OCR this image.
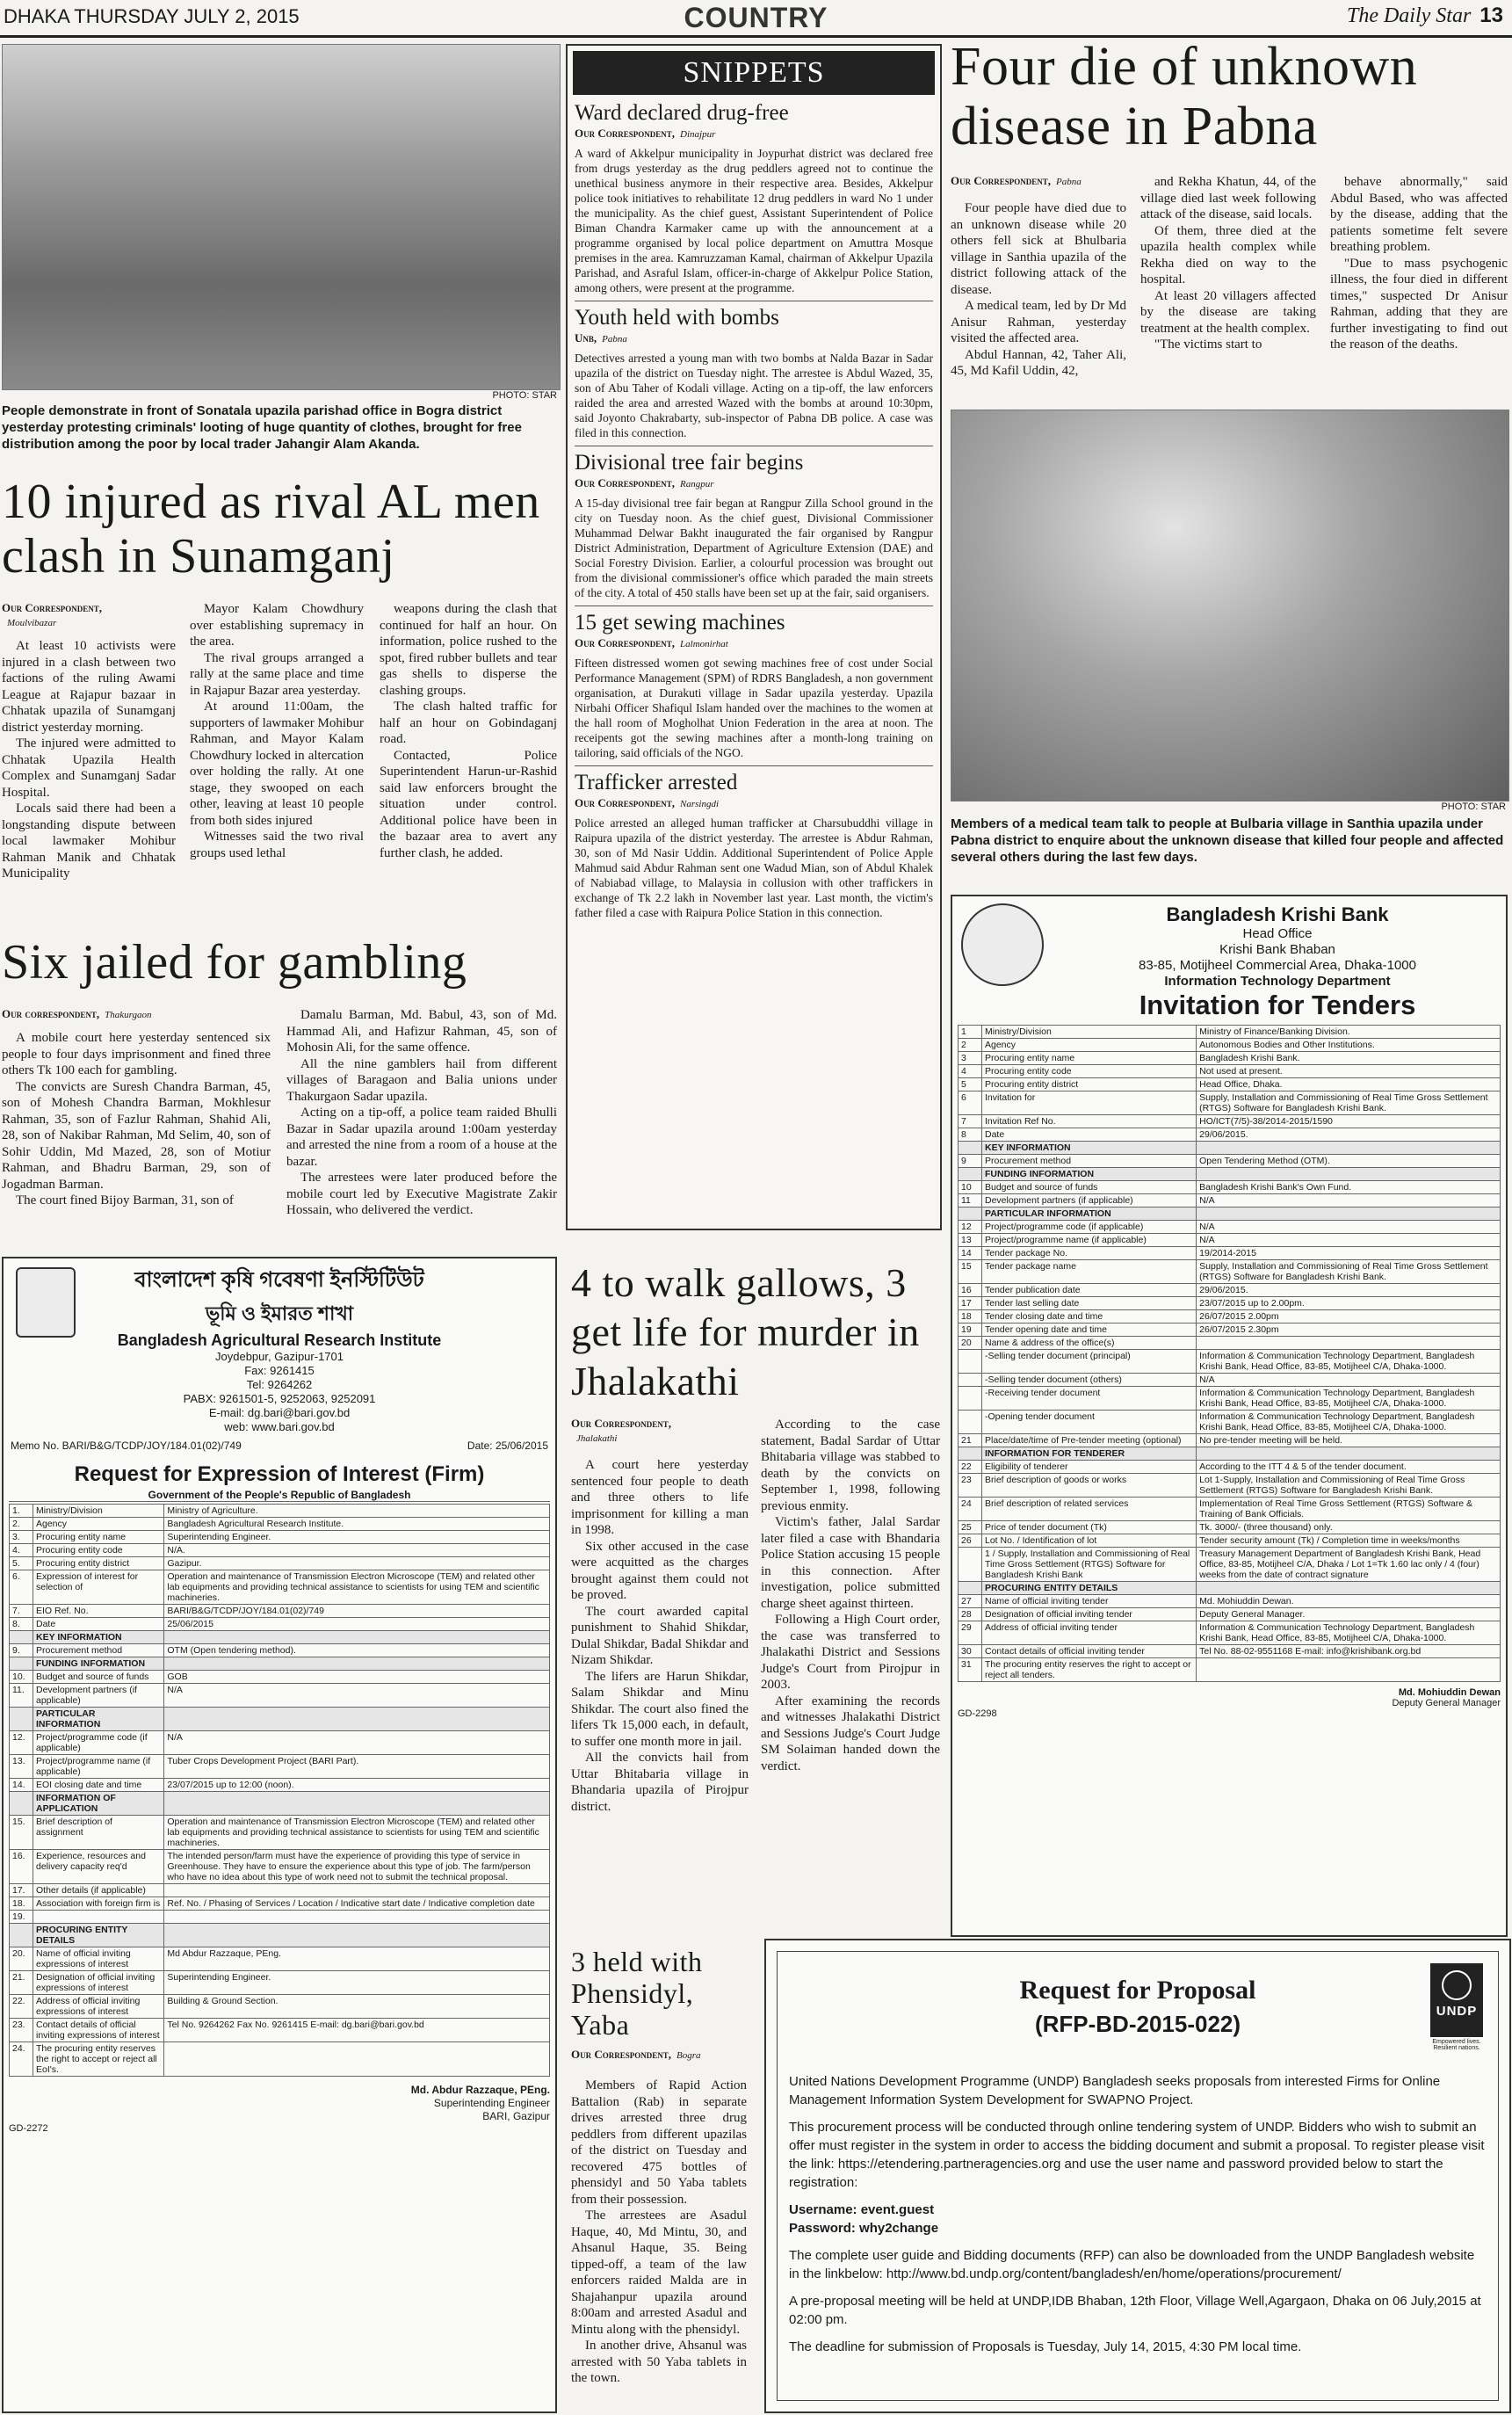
DHAKA THURSDAY JULY 2, 2015	COUNTRY	The Daily Star 13
PHOTO: STAR
People demonstrate in front of Sonatala upazila parishad office in Bogra district yesterday protesting criminals' looting of huge quantity of clothes, brought for free distribution among the poor by local trader Jahangir Alam Akanda.
10 injured as rival AL men clash in Sunamganj
Our Correspondent,
Moulvibazar

At least 10 activists were injured in a clash between two factions of the ruling Awami League at Rajapur bazaar in Chhatak upazila of Sunamganj district yesterday morning.

The injured were admitted to Chhatak Upazila Health Complex and Sunamganj Sadar Hospital.

Locals said there had been a longstanding dispute between local lawmaker Mohibur Rahman Manik and Chhatak Municipality

Mayor Kalam Chowdhury over establishing supremacy in the area.

The rival groups arranged a rally at the same place and time in Rajapur Bazar area yesterday.

At around 11:00am, the supporters of lawmaker Mohibur Rahman, and Mayor Kalam Chowdhury locked in altercation over holding the rally. At one stage, they swooped on each other, leaving at least 10 people from both sides injured

Witnesses said the two rival groups used lethal

weapons during the clash that continued for half an hour. On information, police rushed to the spot, fired rubber bullets and tear gas shells to disperse the clashing groups.

The clash halted traffic for half an hour on Gobindaganj road.

Contacted, Police Superintendent Harun-ur-Rashid said law enforcers brought the situation under control. Additional police have been in the bazaar area to avert any further clash, he added.

Six jailed for gambling
Our correspondent, Thakurgaon

A mobile court here yesterday sentenced six people to four days imprisonment and fined three others Tk 100 each for gambling.

The convicts are Suresh Chandra Barman, 45, son of Mohesh Chandra Barman, Mokhlesur Rahman, 35, son of Fazlur Rahman, Shahid Ali, 28, son of Nakibar Rahman, Md Selim, 40, son of Sohir Uddin, Md Mazed, 28, son of Motiur Rahman, and Bhadru Barman, 29, son of Jogadman Barman.

The court fined Bijoy Barman, 31, son of

Damalu Barman, Md. Babul, 43, son of Md. Hammad Ali, and Hafizur Rahman, 45, son of Mohosin Ali, for the same offence.

All the nine gamblers hail from different villages of Baragaon and Balia unions under Thakurgaon Sadar upazila.

Acting on a tip-off, a police team raided Bhulli Bazar in Sadar upazila around 1:00am yesterday and arrested the nine from a room of a house at the bazar.

The arrestees were later produced before the mobile court led by Executive Magistrate Zakir Hossain, who delivered the verdict.

SNIPPETS
Ward declared drug-free
Our Correspondent, Dinajpur
A ward of Akkelpur municipality in Joypurhat district was declared free from drugs yesterday as the drug peddlers agreed not to continue the unethical business anymore in their respective area. Besides, Akkelpur police took initiatives to rehabilitate 12 drug peddlers in ward No 1 under the municipality. As the chief guest, Assistant Superintendent of Police Biman Chandra Karmaker came up with the announcement at a programme organised by local police department on Amuttra Mosque premises in the area. Kamruzzaman Kamal, chairman of Akkelpur Upazila Parishad, and Asraful Islam, officer-in-charge of Akkelpur Police Station, among others, were present at the programme.
Youth held with bombs
Unb, Pabna
Detectives arrested a young man with two bombs at Nalda Bazar in Sadar upazila of the district on Tuesday night. The arrestee is Abdul Wazed, 35, son of Abu Taher of Kodali village. Acting on a tip-off, the law enforcers raided the area and arrested Wazed with the bombs at around 10:30pm, said Joyonto Chakrabarty, sub-inspector of Pabna DB police. A case was filed in this connection.
Divisional tree fair begins
Our Correspondent, Rangpur
A 15-day divisional tree fair began at Rangpur Zilla School ground in the city on Tuesday noon. As the chief guest, Divisional Commissioner Muhammad Delwar Bakht inaugurated the fair organised by Rangpur District Administration, Department of Agriculture Extension (DAE) and Social Forestry Division. Earlier, a colourful procession was brought out from the divisional commissioner's office which paraded the main streets of the city. A total of 450 stalls have been set up at the fair, said organisers.
15 get sewing machines
Our Correspondent, Lalmonirhat
Fifteen distressed women got sewing machines free of cost under Social Performance Management (SPM) of RDRS Bangladesh, a non government organisation, at Durakuti village in Sadar upazila yesterday. Upazila Nirbahi Officer Shafiqul Islam handed over the machines to the women at the hall room of Mogholhat Union Federation in the area at noon. The receipents got the sewing machines after a month-long training on tailoring, said officials of the NGO.
Trafficker arrested
Our Correspondent, Narsingdi
Police arrested an alleged human trafficker at Charsubuddhi village in Raipura upazila of the district yesterday. The arrestee is Abdur Rahman, 30, son of Md Nasir Uddin. Additional Superintendent of Police Apple Mahmud said Abdur Rahman sent one Wadud Mian, son of Abdul Khalek of Nabiabad village, to Malaysia in collusion with other traffickers in exchange of Tk 2.2 lakh in November last year. Last month, the victim's father filed a case with Raipura Police Station in this connection.
Four die of unknown disease in Pabna
Our Correspondent, Pabna

Four people have died due to an unknown disease while 20 others fell sick at Bhulbaria village in Santhia upazila of the district following attack of the disease.

A medical team, led by Dr Md Anisur Rahman, yesterday visited the affected area.

Abdul Hannan, 42, Taher Ali, 45, Md Kafil Uddin, 42,

and Rekha Khatun, 44, of the village died last week following attack of the disease, said locals.

Of them, three died at the upazila health complex while Rekha died on way to the hospital.

At least 20 villagers affected by the disease are taking treatment at the health complex.

"The victims start to

behave abnormally," said Abdul Based, who was affected by the disease, adding that the patients sometime felt severe breathing problem.

"Due to mass psychogenic illness, the four died in different times," suspected Dr Anisur Rahman, adding that they are further investigating to find out the reason of the deaths.

PHOTO: STAR
Members of a medical team talk to people at Bulbaria village in Santhia upazila under Pabna district to enquire about the unknown disease that killed four people and affected several others during the last few days.
Bangladesh Krishi Bank
Head Office
Krishi Bank Bhaban
83-85, Motijheel Commercial Area, Dhaka-1000
Information Technology Department
Invitation for Tenders
1	Ministry/Division	Ministry of Finance/Banking Division.
2	Agency	Autonomous Bodies and Other Institutions.
3	Procuring entity name	Bangladesh Krishi Bank.
4	Procuring entity code	Not used at present.
5	Procuring entity district	Head Office, Dhaka.
6	Invitation for	Supply, Installation and Commissioning of Real Time Gross Settlement (RTGS) Software for Bangladesh Krishi Bank.
7	Invitation Ref No.	HO/ICT(7/5)-38/2014-2015/1590
8	Date	29/06/2015.
	KEY INFORMATION	
9	Procurement method	Open Tendering Method (OTM).
	FUNDING INFORMATION	
10	Budget and source of funds	Bangladesh Krishi Bank's Own Fund.
11	Development partners (if applicable)	N/A
	PARTICULAR INFORMATION	
12	Project/programme code (if applicable)	N/A
13	Project/programme name (if applicable)	N/A
14	Tender package No.	19/2014-2015
15	Tender package name	Supply, Installation and Commissioning of Real Time Gross Settlement (RTGS) Software for Bangladesh Krishi Bank.
16	Tender publication date	29/06/2015.
17	Tender last selling date	23/07/2015 up to 2.00pm.
18	Tender closing date and time	26/07/2015 2.00pm
19	Tender opening date and time	26/07/2015 2.30pm
20	Name & address of the office(s)	
	-Selling tender document (principal)	Information & Communication Technology Department, Bangladesh Krishi Bank, Head Office, 83-85, Motijheel C/A, Dhaka-1000.
	-Selling tender document (others)	N/A
	-Receiving tender document	Information & Communication Technology Department, Bangladesh Krishi Bank, Head Office, 83-85, Motijheel C/A, Dhaka-1000.
	-Opening tender document	Information & Communication Technology Department, Bangladesh Krishi Bank, Head Office, 83-85, Motijheel C/A, Dhaka-1000.
21	Place/date/time of Pre-tender meeting (optional)	No pre-tender meeting will be held.
	INFORMATION FOR TENDERER	
22	Eligibility of tenderer	According to the ITT 4 & 5 of the tender document.
23	Brief description of goods or works	Lot 1-Supply, Installation and Commissioning of Real Time Gross Settlement (RTGS) Software for Bangladesh Krishi Bank.
24	Brief description of related services	Implementation of Real Time Gross Settlement (RTGS) Software & Training of Bank Officials.
25	Price of tender document (Tk)	Tk. 3000/- (three thousand) only.
26	Lot No. / Identification of lot	Tender security amount (Tk) / Completion time in weeks/months
	1 / Supply, Installation and Commissioning of Real Time Gross Settlement (RTGS) Software for Bangladesh Krishi Bank	Treasury Management Department of Bangladesh Krishi Bank, Head Office, 83-85, Motijheel C/A, Dhaka / Lot 1=Tk 1.60 lac only / 4 (four) weeks from the date of contract signature
	PROCURING ENTITY DETAILS	
27	Name of official inviting tender	Md. Mohiuddin Dewan.
28	Designation of official inviting tender	Deputy General Manager.
29	Address of official inviting tender	Information & Communication Technology Department, Bangladesh Krishi Bank, Head Office, 83-85, Motijheel C/A, Dhaka-1000.
30	Contact details of official inviting tender	Tel No. 88-02-9551168 E-mail: info@krishibank.org.bd
31	The procuring entity reserves the right to accept or reject all tenders.	
Md. Mohiuddin Dewan
Deputy General Manager
GD-2298
4 to walk gallows, 3 get life for murder in Jhalakathi
Our Correspondent,
Jhalakathi

A court here yesterday sentenced four people to death and three others to life imprisonment for killing a man in 1998.

Six other accused in the case were acquitted as the charges brought against them could not be proved.

The court awarded capital punishment to Shahid Shikdar, Dulal Shikdar, Badal Shikdar and Nizam Shikdar.

The lifers are Harun Shikdar, Salam Shikdar and Minu Shikdar. The court also fined the lifers Tk 15,000 each, in default, to suffer one month more in jail.

All the convicts hail from Uttar Bhitabaria village in Bhandaria upazila of Pirojpur district.

According to the case statement, Badal Sardar of Uttar Bhitabaria village was stabbed to death by the convicts on September 1, 1998, following previous enmity.

Victim's father, Jalal Sardar later filed a case with Bhandaria Police Station accusing 15 people in this connection. After investigation, police submitted charge sheet against thirteen.

Following a High Court order, the case was transferred to Jhalakathi District and Sessions Judge's Court from Pirojpur in 2003.

After examining the records and witnesses Jhalakathi District and Sessions Judge's Court Judge SM Solaiman handed down the verdict.

3 held with Phensidyl, Yaba
Our Correspondent, Bogra

Members of Rapid Action Battalion (Rab) in separate drives arrested three drug peddlers from different upazilas of the district on Tuesday and recovered 475 bottles of phensidyl and 50 Yaba tablets from their possession.

The arrestees are Asadul Haque, 40, Md Mintu, 30, and Ahsanul Haque, 35. Being tipped-off, a team of the law enforcers raided Malda are in Shajahanpur upazila around 8:00am and arrested Asadul and Mintu along with the phensidyl.

In another drive, Ahsanul was arrested with 50 Yaba tablets in the town.

বাংলাদেশ কৃষি গবেষণা ইনস্টিটিউট
ভূমি ও ইমারত শাখা
Bangladesh Agricultural Research Institute
Joydebpur, Gazipur-1701
Fax: 9261415
Tel: 9264262
PABX: 9261501-5, 9252063, 9252091
E-mail: dg.bari@bari.gov.bd
web: www.bari.gov.bd
Memo No. BARI/B&G/TCDP/JOY/184.01(02)/749	Date: 25/06/2015
Request for Expression of Interest (Firm)
Government of the People's Republic of Bangladesh
1.	Ministry/Division	Ministry of Agriculture.
2.	Agency	Bangladesh Agricultural Research Institute.
3.	Procuring entity name	Superintending Engineer.
4.	Procuring entity code	N/A.
5.	Procuring entity district	Gazipur.
6.	Expression of interest for selection of	Operation and maintenance of Transmission Electron Microscope (TEM) and related other lab equipments and providing technical assistance to scientists for using TEM and scientific machineries.
7.	EIO Ref. No.	BARI/B&G/TCDP/JOY/184.01(02)/749
8.	Date	25/06/2015
	KEY INFORMATION	
9.	Procurement method	OTM (Open tendering method).
	FUNDING INFORMATION	
10.	Budget and source of funds	GOB
11.	Development partners (if applicable)	N/A
	PARTICULAR INFORMATION	
12.	Project/programme code (if applicable)	N/A
13.	Project/programme name (if applicable)	Tuber Crops Development Project (BARI Part).
14.	EOI closing date and time	23/07/2015 up to 12:00 (noon).
	INFORMATION OF APPLICATION	
15.	Brief description of assignment	Operation and maintenance of Transmission Electron Microscope (TEM) and related other lab equipments and providing technical assistance to scientists for using TEM and scientific machineries.
16.	Experience, resources and delivery capacity req'd	The intended person/farm must have the experience of providing this type of service in Greenhouse. They have to ensure the experience about this type of job. The farm/person who have no idea about this type of work need not to submit the technical proposal.
17.	Other details (if applicable)	
18.	Association with foreign firm is	Ref. No. / Phasing of Services / Location / Indicative start date / Indicative completion date
19.		
	PROCURING ENTITY DETAILS	
20.	Name of official inviting expressions of interest	Md Abdur Razzaque, PEng.
21.	Designation of official inviting expressions of interest	Superintending Engineer.
22.	Address of official inviting expressions of interest	Building & Ground Section.
23.	Contact details of official inviting expressions of interest	Tel No. 9264262 Fax No. 9261415 E-mail: dg.bari@bari.gov.bd
24.	The procuring entity reserves the right to accept or reject all EoI's.	
Md. Abdur Razzaque, PEng.
Superintending Engineer
BARI, Gazipur
GD-2272
UNDP
Empowered lives. Resilient nations.
Request for Proposal
(RFP-BD-2015-022)

United Nations Development Programme (UNDP) Bangladesh seeks proposals from interested Firms for Online Management Information System Development for SWAPNO Project.

This procurement process will be conducted through online tendering system of UNDP. Bidders who wish to submit an offer must register in the system in order to access the bidding document and submit a proposal. To register please visit the link: https://etendering.partneragencies.org and use the user name and password provided below to start the registration:

Username: event.guest

Password: why2change

The complete user guide and Bidding documents (RFP) can also be downloaded from the UNDP Bangladesh website in the linkbelow: http://www.bd.undp.org/content/bangladesh/en/home/operations/procurement/

A pre-proposal meeting will be held at UNDP,IDB Bhaban, 12th Floor, Village Well,Agargaon, Dhaka on 06 July,2015 at 02:00 pm.

The deadline for submission of Proposals is Tuesday, July 14, 2015, 4:30 PM local time.
